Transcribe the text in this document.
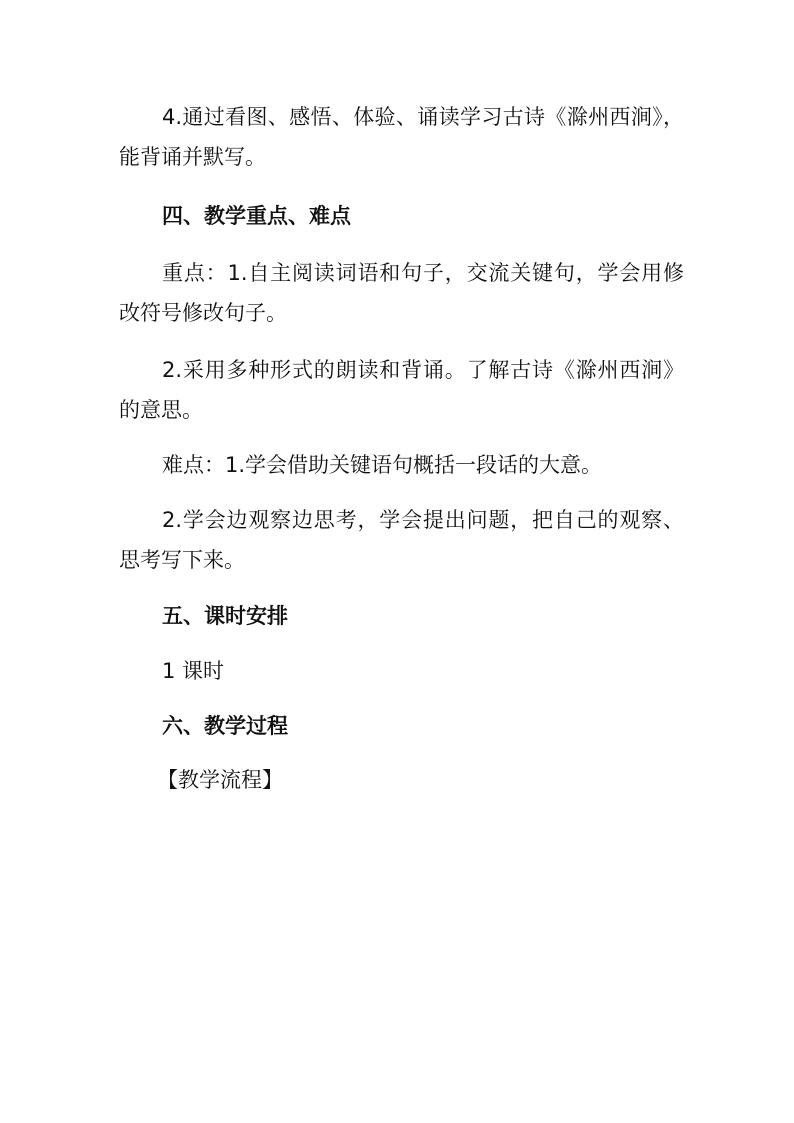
4.通过看图、感悟、体验、诵读学习古诗《滁州西涧》，能背诵并默写。

四、教学重点、难点

重点：1.自主阅读词语和句子，交流关键句，学会用修改符号修改句子。

2.采用多种形式的朗读和背诵。了解古诗《滁州西涧》的意思。

难点：1.学会借助关键语句概括一段话的大意。

2.学会边观察边思考，学会提出问题，把自己的观察、思考写下来。

五、课时安排

1 课时

六、教学过程

【教学流程】
